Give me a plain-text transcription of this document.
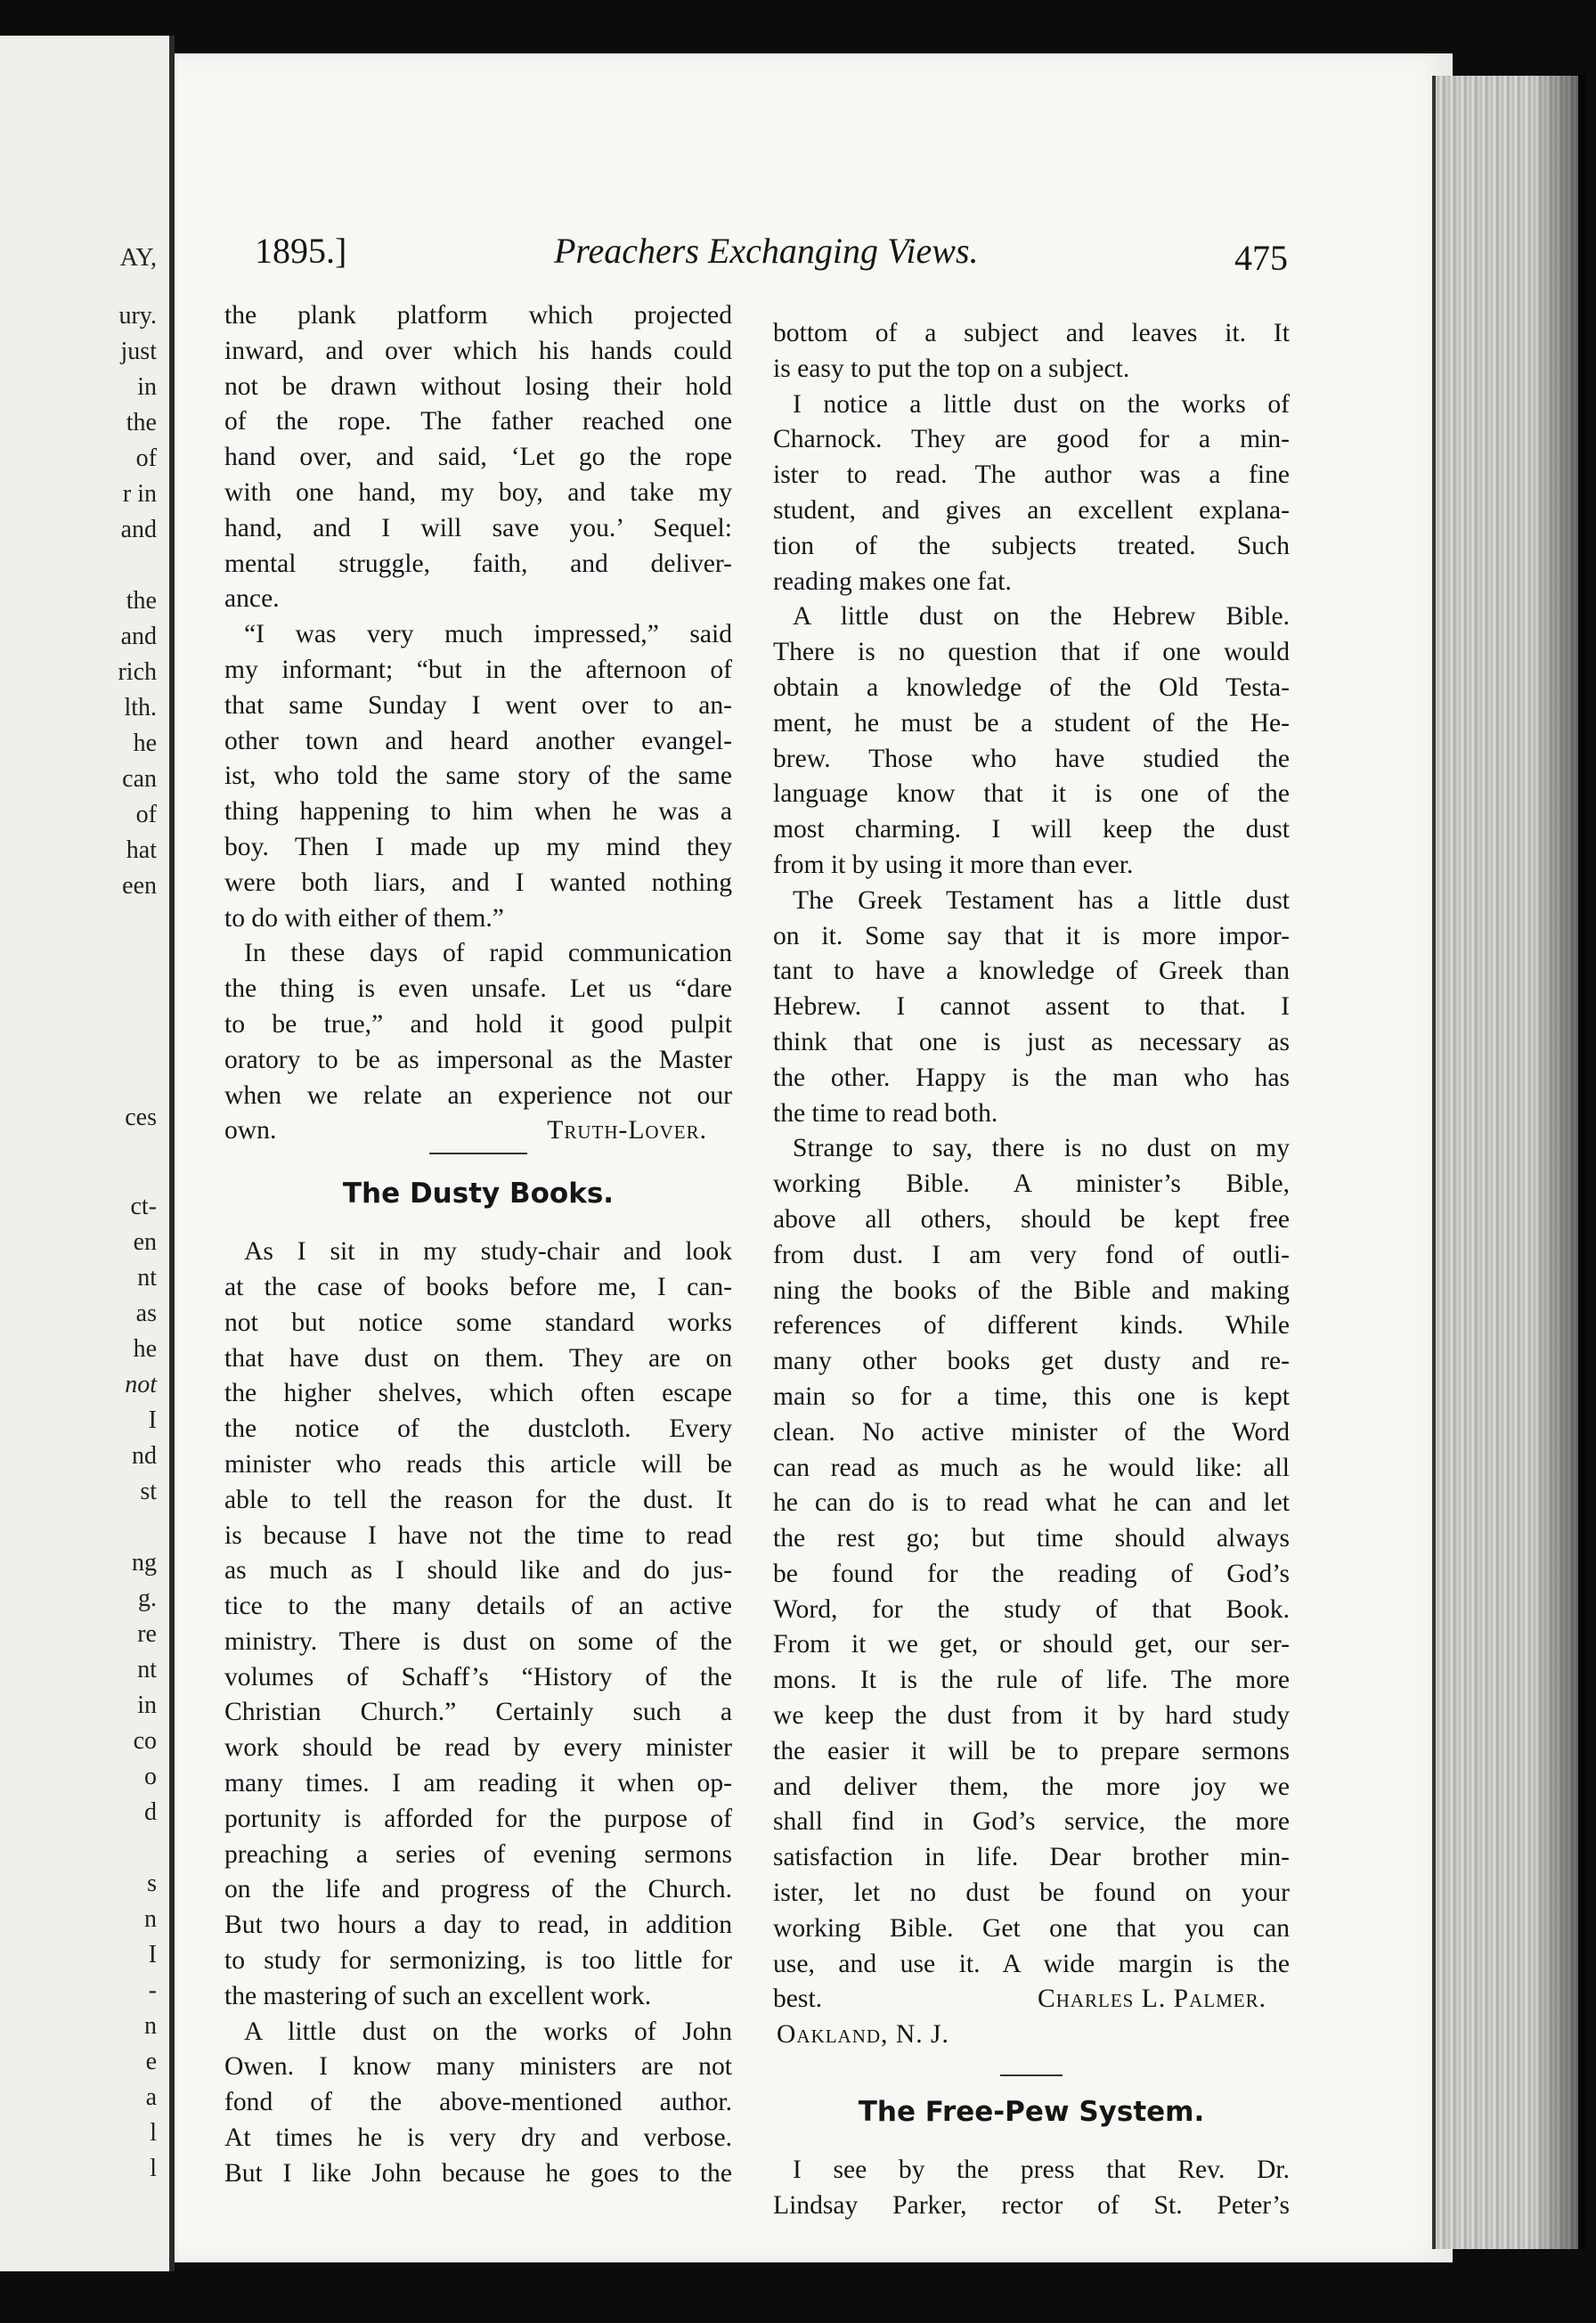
AY,
ury.
just
in
the
of
r in
and
the
and
rich
lth.
he
can
of
hat
een
ces
ct-
en
nt
as
he
not
I
nd
st
ng
g.
re
nt
in
co
o
d
s
n
I
-
n
e
a
l
l
1895.]	Preachers Exchanging Views.	475

the plank platform which projected

inward, and over which his hands could

not be drawn without losing their hold

of the rope. The father reached one

hand over, and said, ‘Let go the rope

with one hand, my boy, and take my

hand, and I will save you.’ Sequel:

mental struggle, faith, and deliver-

ance.

“I was very much impressed,” said

my informant; “but in the afternoon of

that same Sunday I went over to an-

other town and heard another evangel-

ist, who told the same story of the same

thing happening to him when he was a

boy. Then I made up my mind they

were both liars, and I wanted nothing

to do with either of them.”

In these days of rapid communication

the thing is even unsafe. Let us “dare

to be true,” and hold it good pulpit

oratory to be as impersonal as the Master

when we relate an experience not our

own.	Truth-Lover.
The Dusty Books.

As I sit in my study-chair and look

at the case of books before me, I can-

not but notice some standard works

that have dust on them. They are on

the higher shelves, which often escape

the notice of the dustcloth. Every

minister who reads this article will be

able to tell the reason for the dust. It

is because I have not the time to read

as much as I should like and do jus-

tice to the many details of an active

ministry. There is dust on some of the

volumes of Schaff’s “History of the

Christian Church.” Certainly such a

work should be read by every minister

many times. I am reading it when op-

portunity is afforded for the purpose of

preaching a series of evening sermons

on the life and progress of the Church.

But two hours a day to read, in addition

to study for sermonizing, is too little for

the mastering of such an excellent work.

A little dust on the works of John

Owen. I know many ministers are not

fond of the above-mentioned author.

At times he is very dry and verbose.

But I like John because he goes to the

bottom of a subject and leaves it. It

is easy to put the top on a subject.

I notice a little dust on the works of

Charnock. They are good for a min-

ister to read. The author was a fine

student, and gives an excellent explana-

tion of the subjects treated. Such

reading makes one fat.

A little dust on the Hebrew Bible.

There is no question that if one would

obtain a knowledge of the Old Testa-

ment, he must be a student of the He-

brew. Those who have studied the

language know that it is one of the

most charming. I will keep the dust

from it by using it more than ever.

The Greek Testament has a little dust

on it. Some say that it is more impor-

tant to have a knowledge of Greek than

Hebrew. I cannot assent to that. I

think that one is just as necessary as

the other. Happy is the man who has

the time to read both.

Strange to say, there is no dust on my

working Bible. A minister’s Bible,

above all others, should be kept free

from dust. I am very fond of outli-

ning the books of the Bible and making

references of different kinds. While

many other books get dusty and re-

main so for a time, this one is kept

clean. No active minister of the Word

can read as much as he would like: all

he can do is to read what he can and let

the rest go; but time should always

be found for the reading of God’s

Word, for the study of that Book.

From it we get, or should get, our ser-

mons. It is the rule of life. The more

we keep the dust from it by hard study

the easier it will be to prepare sermons

and deliver them, the more joy we

shall find in God’s service, the more

satisfaction in life. Dear brother min-

ister, let no dust be found on your

working Bible. Get one that you can

use, and use it. A wide margin is the

best.	Charles L. Palmer.
Oakland, N. J.
The Free-Pew System.

I see by the press that Rev. Dr.

Lindsay Parker, rector of St. Peter’s
